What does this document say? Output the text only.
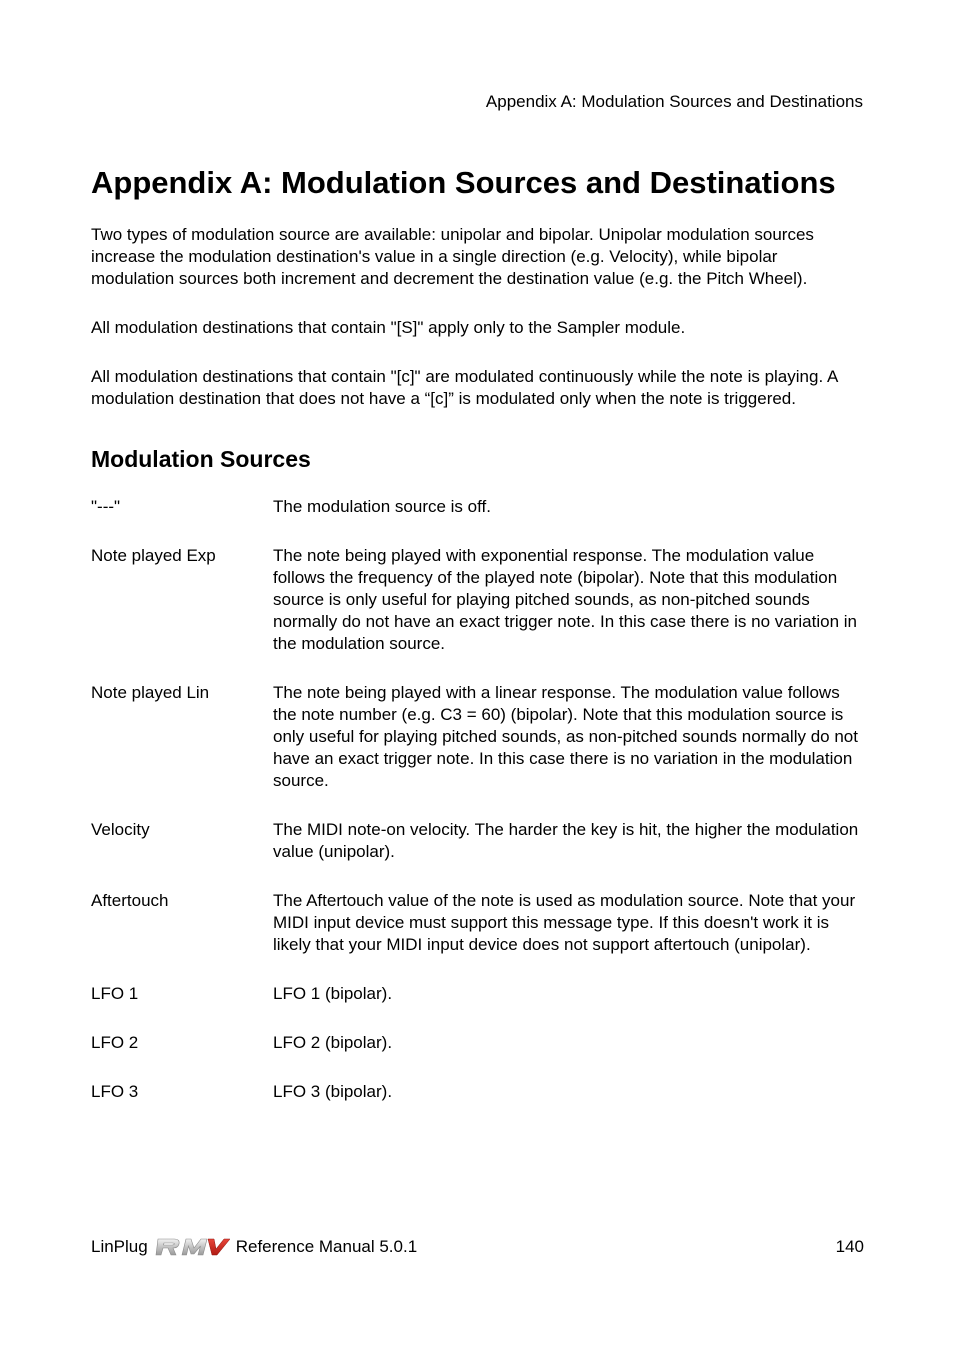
Appendix A: Modulation Sources and Destinations
Appendix A: Modulation Sources and Destinations

Two types of modulation source are available: unipolar and bipolar. Unipolar modulation sources increase the modulation destination's value in a single direction (e.g. Velocity), while bipolar modulation sources both increment and decrement the destination value (e.g. the Pitch Wheel).

All modulation destinations that contain "[S]" apply only to the Sampler module.

All modulation destinations that contain "[c]" are modulated continuously while the note is playing. A modulation destination that does not have a “[c]” is modulated only when the note is triggered.

Modulation Sources
"---"	The modulation source is off.
Note played Exp	The note being played with exponential response. The modulation value follows the frequency of the played note (bipolar). Note that this modulation source is only useful for playing pitched sounds, as non-pitched sounds normally do not have an exact trigger note. In this case there is no variation in the modulation source.
Note played Lin	The note being played with a linear response. The modulation value follows the note number (e.g. C3 = 60) (bipolar). Note that this modulation source is only useful for playing pitched sounds, as non-pitched sounds normally do not have an exact trigger note. In this case there is no variation in the modulation source.
Velocity	The MIDI note-on velocity. The harder the key is hit, the higher the modulation value (unipolar).
Aftertouch	The Aftertouch value of the note is used as modulation source. Note that your MIDI input device must support this message type. If this doesn't work it is likely that your MIDI input device does not support aftertouch (unipolar).
LFO 1	LFO 1 (bipolar).
LFO 2	LFO 2 (bipolar).
LFO 3	LFO 3 (bipolar).
LinPlug	Reference Manual 5.0.1	140
